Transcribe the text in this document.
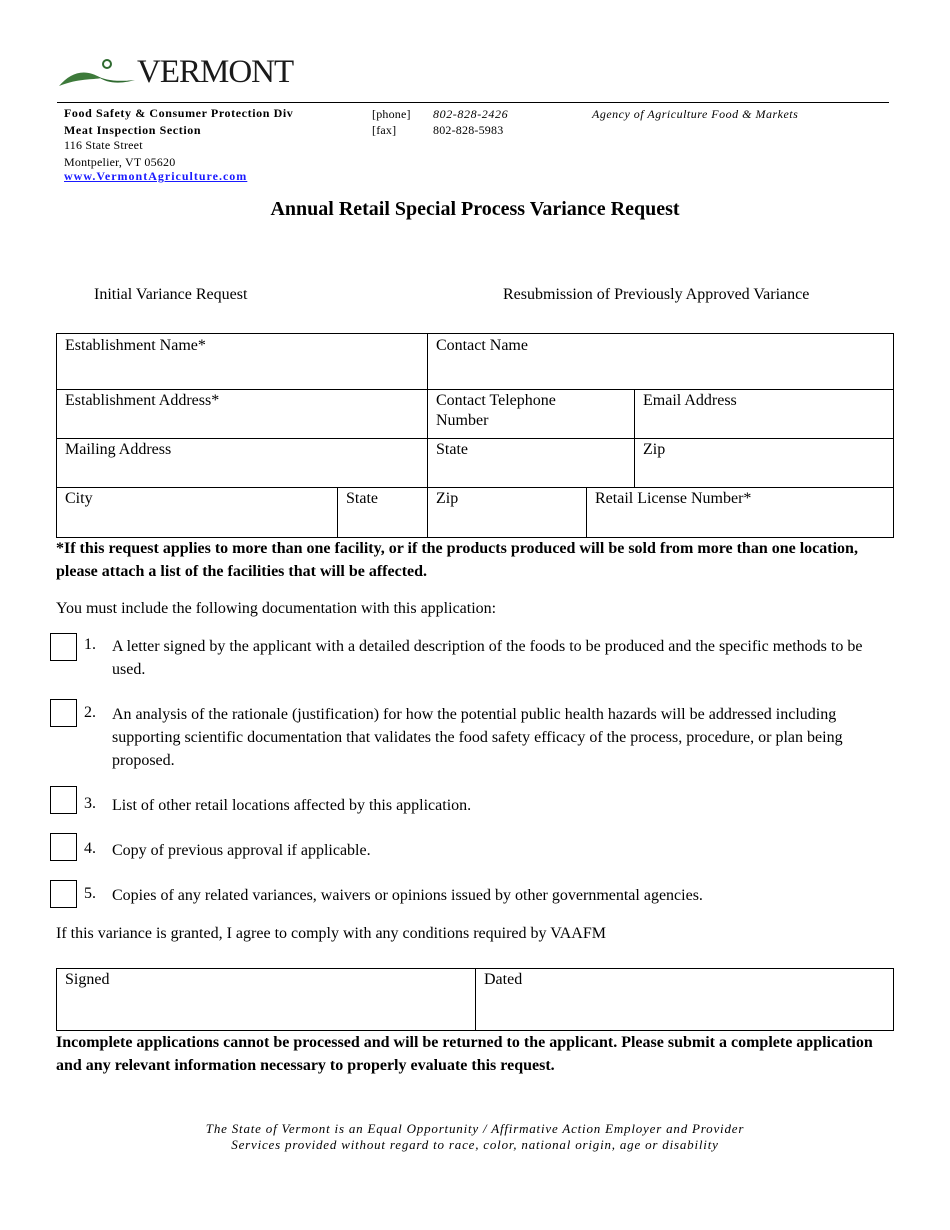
VERMONT
Food Safety & Consumer Protection Div
Meat Inspection Section
116 State Street
Montpelier, VT 05620
www.VermontAgriculture.com
[phone] 802-828-2426
[fax]	802-828-5983
Agency of Agriculture Food & Markets
Annual Retail Special Process Variance Request
Initial Variance Request	Resubmission of Previously Approved Variance
Establishment Name*	Contact Name	

Establishment Address*	Contact Telephone Number	Email Address

Mailing Address	State	Zip
City	State	Zip	Retail License Number*
*If this request applies to more than one facility, or if the products produced will be sold from more than one location, please attach a list of the facilities that will be affected.
You must include the following documentation with this application:
1. A letter signed by the applicant with a detailed description of the foods to be produced and the specific methods to be used.
2. An analysis of the rationale (justification) for how the potential public health hazards will be addressed including supporting scientific documentation that validates the food safety efficacy of the process, procedure, or plan being proposed.
3. List of other retail locations affected by this application.
4. Copy of previous approval if applicable.
5. Copies of any related variances, waivers or opinions issued by other governmental agencies.
If this variance is granted, I agree to comply with any conditions required by VAAFM
Signed	Dated
Incomplete applications cannot be processed and will be returned to the applicant. Please submit a complete application and any relevant information necessary to properly evaluate this request.
The State of Vermont is an Equal Opportunity / Affirmative Action Employer and Provider
Services provided without regard to race, color, national origin, age or disability
